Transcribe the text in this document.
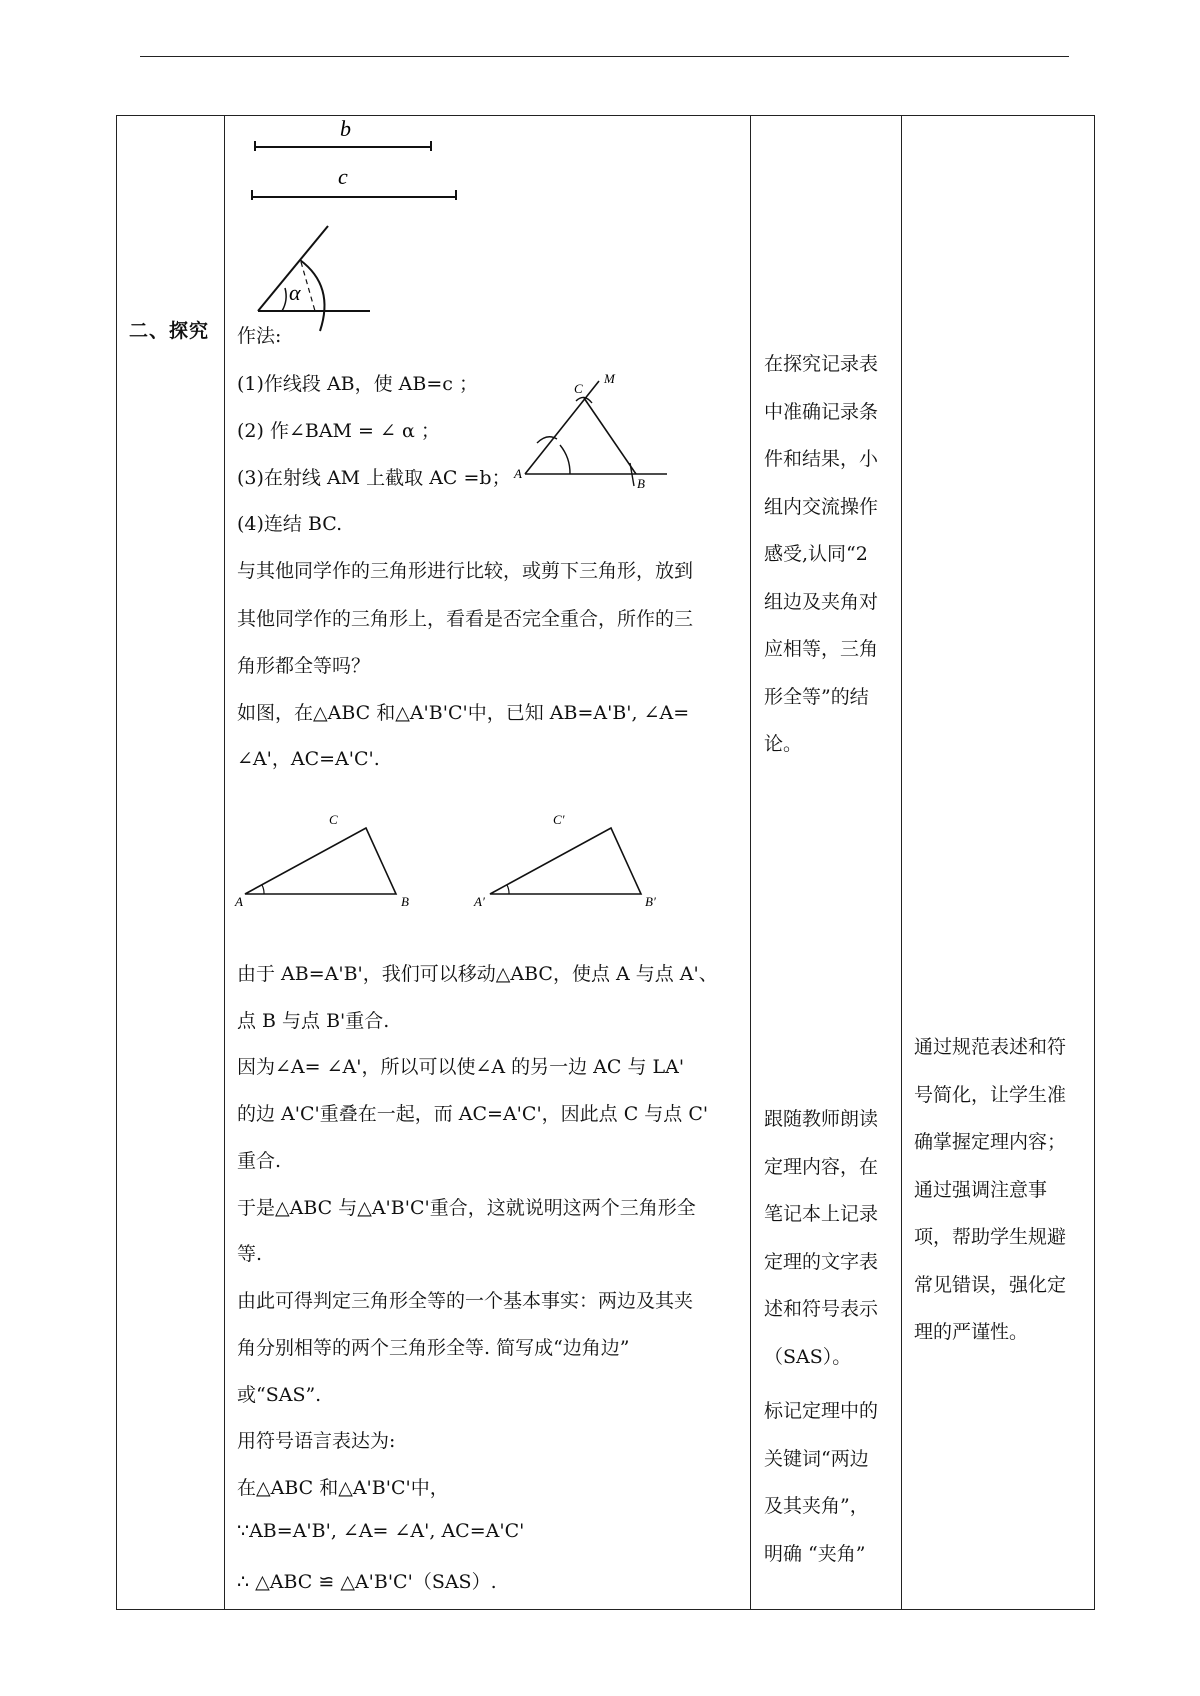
二、探究
b
c
α
作法:
(1)作线段 AB，使 AB=c ；
(2) 作∠BAM = ∠ α ；
(3)在射线 AM 上截取 AC =b；
(4)连结 BC.
C
M
A
B
与其他同学作的三角形进行比较，或剪下三角形，放到
其他同学作的三角形上，看看是否完全重合，所作的三
角形都全等吗？
如图，在△ABC 和△A'B'C'中，已知 AB=A'B', ∠A=
∠A'，AC=A'C'.
C
A	B
C′
A′	B′
由于 AB=A'B'，我们可以移动△ABC，使点 A 与点 A'、
点 B 与点 B'重合.
因为∠A= ∠A'，所以可以使∠A 的另一边 AC 与 LA'
的边 A'C'重叠在一起，而 AC=A'C'，因此点 C 与点 C'
重合.
于是△ABC 与△A'B'C'重合，这就说明这两个三角形全
等.
由此可得判定三角形全等的一个基本事实：两边及其夹
角分别相等的两个三角形全等. 简写成“边角边”
或“SAS”.
用符号语言表达为:
在△ABC 和△A'B'C'中，
∵AB=A'B', ∠A= ∠A', AC=A'C'
∴ △ABC ≌ △A'B'C'（SAS）.
在探究记录表
中准确记录条
件和结果，小
组内交流操作
感受,认同“2
组边及夹角对
应相等，三角
形全等”的结
论。
跟随教师朗读
定理内容，在
笔记本上记录
定理的文字表
述和符号表示
（SAS）。
标记定理中的
关键词“两边
及其夹角”，
明确 “夹角”
通过规范表述和符
号简化，让学生准
确掌握定理内容；
通过强调注意事
项，帮助学生规避
常见错误，强化定
理的严谨性。
